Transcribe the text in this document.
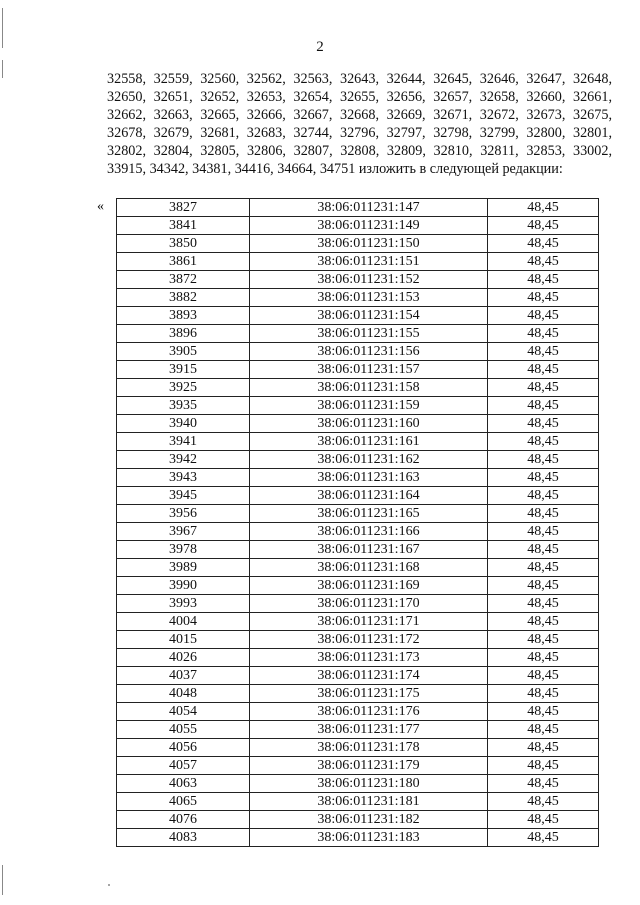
2

32558, 32559, 32560, 32562, 32563, 32643, 32644, 32645, 32646, 32647, 32648, 32650, 32651, 32652, 32653, 32654, 32655, 32656, 32657, 32658, 32660, 32661, 32662, 32663, 32665, 32666, 32667, 32668, 32669, 32671, 32672, 32673, 32675, 32678, 32679, 32681, 32683, 32744, 32796, 32797, 32798, 32799, 32800, 32801, 32802, 32804, 32805, 32806, 32807, 32808, 32809, 32810, 32811, 32853, 33002, 33915, 34342, 34381, 34416, 34664, 34751 изложить в следующей редакции:

«	3827	38:06:011231:147	48,45
3841	38:06:011231:149	48,45
3850	38:06:011231:150	48,45
3861	38:06:011231:151	48,45
3872	38:06:011231:152	48,45
3882	38:06:011231:153	48,45
3893	38:06:011231:154	48,45
3896	38:06:011231:155	48,45
3905	38:06:011231:156	48,45
3915	38:06:011231:157	48,45
3925	38:06:011231:158	48,45
3935	38:06:011231:159	48,45
3940	38:06:011231:160	48,45
3941	38:06:011231:161	48,45
3942	38:06:011231:162	48,45
3943	38:06:011231:163	48,45
3945	38:06:011231:164	48,45
3956	38:06:011231:165	48,45
3967	38:06:011231:166	48,45
3978	38:06:011231:167	48,45
3989	38:06:011231:168	48,45
3990	38:06:011231:169	48,45
3993	38:06:011231:170	48,45
4004	38:06:011231:171	48,45
4015	38:06:011231:172	48,45
4026	38:06:011231:173	48,45
4037	38:06:011231:174	48,45
4048	38:06:011231:175	48,45
4054	38:06:011231:176	48,45
4055	38:06:011231:177	48,45
4056	38:06:011231:178	48,45
4057	38:06:011231:179	48,45
4063	38:06:011231:180	48,45
4065	38:06:011231:181	48,45
4076	38:06:011231:182	48,45
4083	38:06:011231:183	48,45
